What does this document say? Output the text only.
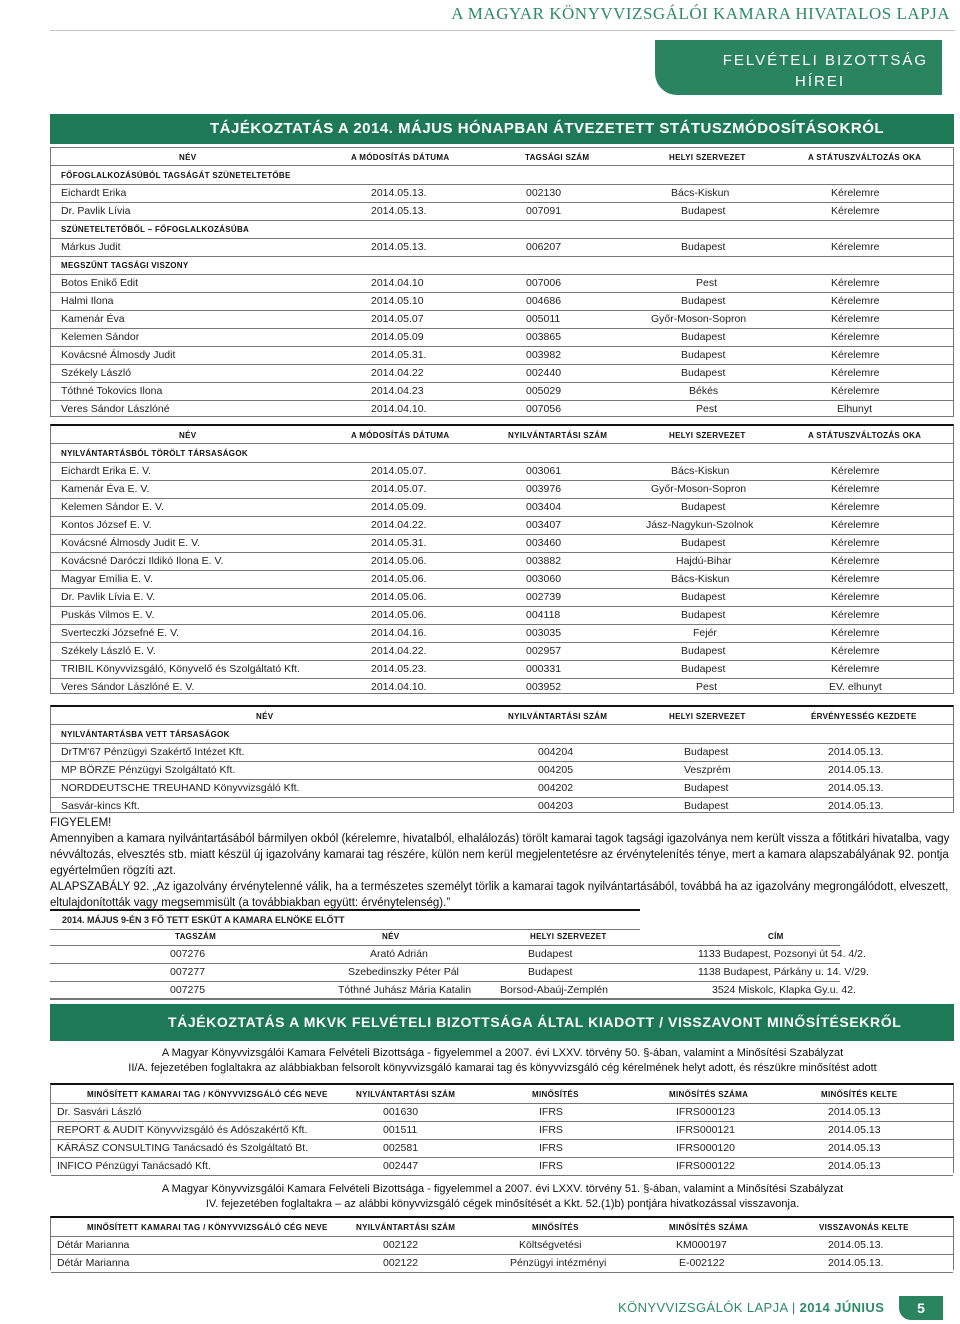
A MAGYAR KÖNYVVIZSGÁLÓI KAMARA HIVATALOS LAPJA
FELVÉTELI BIZOTTSÁG
HÍREI
TÁJÉKOZTATÁS A 2014. MÁJUS HÓNAPBAN ÁTVEZETETT STÁTUSZMÓDOSÍTÁSOKRÓL
NÉV	A MÓDOSÍTÁS DÁTUMA	TAGSÁGI SZÁM	HELYI SZERVEZET	A STÁTUSZVÁLTOZÁS OKA
FŐFOGLALKOZÁSÚBÓL TAGSÁGÁT SZÜNETELTETŐBE
Eichardt Erika	2014.05.13.	002130	Bács-Kiskun	Kérelemre
Dr. Pavlik Lívia	2014.05.13.	007091	Budapest	Kérelemre
SZÜNETELTETŐBŐL – FŐFOGLALKOZÁSÚBA
Márkus Judit	2014.05.13.	006207	Budapest	Kérelemre
MEGSZŰNT TAGSÁGI VISZONY
Botos Enikő Edit	2014.04.10	007006	Pest	Kérelemre
Halmi Ilona	2014.05.10	004686	Budapest	Kérelemre
Kamenár Éva	2014.05.07	005011	Győr-Moson-Sopron	Kérelemre
Kelemen Sándor	2014.05.09	003865	Budapest	Kérelemre
Kovácsné Álmosdy Judit	2014.05.31.	003982	Budapest	Kérelemre
Székely László	2014.04.22	002440	Budapest	Kérelemre
Tóthné Tokovics Ilona	2014.04.23	005029	Békés	Kérelemre
Veres Sándor Lászlóné	2014.04.10.	007056	Pest	Elhunyt
NÉV	A MÓDOSÍTÁS DÁTUMA	NYILVÁNTARTÁSI SZÁM	HELYI SZERVEZET	A STÁTUSZVÁLTOZÁS OKA
NYILVÁNTARTÁSBÓL TÖRÖLT TÁRSASÁGOK
Eichardt Erika E. V.	2014.05.07.	003061	Bács-Kiskun	Kérelemre
Kamenár Éva E. V.	2014.05.07.	003976	Győr-Moson-Sopron	Kérelemre
Kelemen Sándor E. V.	2014.05.09.	003404	Budapest	Kérelemre
Kontos József E. V.	2014.04.22.	003407	Jász-Nagykun-Szolnok	Kérelemre
Kovácsné Álmosdy Judit E. V.	2014.05.31.	003460	Budapest	Kérelemre
Kovácsné Daróczi Ildikó Ilona E. V.	2014.05.06.	003882	Hajdú-Bihar	Kérelemre
Magyar Emília E. V.	2014.05.06.	003060	Bács-Kiskun	Kérelemre
Dr. Pavlik Lívia E. V.	2014.05.06.	002739	Budapest	Kérelemre
Puskás Vilmos E. V.	2014.05.06.	004118	Budapest	Kérelemre
Sverteczki Józsefné E. V.	2014.04.16.	003035	Fejér	Kérelemre
Székely László E. V.	2014.04.22.	002957	Budapest	Kérelemre
TRIBIL Könyvvizsgáló, Könyvelő és Szolgáltató Kft.	2014.05.23.	000331	Budapest	Kérelemre
Veres Sándor Lászlóné E. V.	2014.04.10.	003952	Pest	EV. elhunyt
NÉV	NYILVÁNTARTÁSI SZÁM	HELYI SZERVEZET	ÉRVÉNYESSÉG KEZDETE
NYILVÁNTARTÁSBA VETT TÁRSASÁGOK
DrTM'67 Pénzügyi Szakértő Intézet Kft.	004204	Budapest	2014.05.13.
MP BÖRZE Pénzügyi Szolgáltató Kft.	004205	Veszprém	2014.05.13.
NORDDEUTSCHE TREUHAND Könyvvizsgáló Kft.	004202	Budapest	2014.05.13.
Sasvár-kincs Kft.	004203	Budapest	2014.05.13.

FIGYELEM!

Amennyiben a kamara nyilvántartásából bármilyen okból (kérelemre, hivatalból, elhalálozás) törölt kamarai tagok tagsági igazolványa nem került visszа a főtitkári hivatalba, vagy névváltozás, elvesztés stb. miatt készül új igazolvány kamarai tag részére, külön nem kerül megjelentetésre az érvénytelenítés ténye, mert a kamara alapszabályának 92. pontja egyértelműen rögzíti azt.

ALAPSZABÁLY 92. „Az igazolvány érvénytelenné válik, ha a természetes személyt törlik a kamarai tagok nyilvántartásából, továbbá ha az igazolvány megrongálódott, elveszett, eltulajdonították vagy megsemmisült (a továbbiakban együtt: érvénytelenség).”

2014. MÁJUS 9-ÉN 3 FŐ TETT ESKÜT A KAMARA ELNÖKE ELŐTT
TAGSZÁM	NÉV	HELYI SZERVEZET	CÍM
007276	Arató Adrián	Budapest	1133 Budapest, Pozsonyi út 54. 4/2.
007277	Szebedinszky Péter Pál	Budapest	1138 Budapest, Párkány u. 14. V/29.
007275	Tóthné Juhász Mária Katalin	Borsod-Abaúj-Zemplén	3524 Miskolc, Klapka Gy.u. 42.
TÁJÉKOZTATÁS A MKVK FELVÉTELI BIZOTTSÁGA ÁLTAL KIADOTT / VISSZAVONT MINŐSÍTÉSEKRŐL

A Magyar Könyvvizsgálói Kamara Felvételi Bizottsága - figyelemmel a 2007. évi LXXV. törvény 50. §-ában, valamint a Minősítési Szabályzat

II/A. fejezetében foglaltakra az alábbiakban felsorolt könyvvizsgáló kamarai tag és könyvvizsgáló cég kérelmének helyt adott, és részükre minősítést adott

MINŐSÍTETT KAMARAI TAG / KÖNYVVIZSGÁLÓ CÉG NEVE	NYILVÁNTARTÁSI SZÁM	MINŐSÍTÉS	MINŐSÍTÉS SZÁMA	MINŐSÍTÉS KELTE
Dr. Sasvári László	001630	IFRS	IFRS000123	2014.05.13
REPORT & AUDIT Könyvvizsgáló és Adószakértő Kft.	001511	IFRS	IFRS000121	2014.05.13
KÁRÁSZ CONSULTING Tanácsadó és Szolgáltató Bt.	002581	IFRS	IFRS000120	2014.05.13
INFICO Pénzügyi Tanácsadó Kft.	002447	IFRS	IFRS000122	2014.05.13

A Magyar Könyvvizsgálói Kamara Felvételi Bizottsága - figyelemmel a 2007. évi LXXV. törvény 51. §-ában, valamint a Minősítési Szabályzat

IV. fejezetében foglaltakra – az alábbi könyvvizsgáló cégek minősítését a Kkt. 52.(1)b) pontjára hivatkozással visszavonja.

MINŐSÍTETT KAMARAI TAG / KÖNYVVIZSGÁLÓ CÉG NEVE	NYILVÁNTARTÁSI SZÁM	MINŐSÍTÉS	MINŐSÍTÉS SZÁMA	VISSZAVONÁS KELTE
Détár Marianna	002122	Költségvetési	KM000197	2014.05.13.
Détár Marianna	002122	Pénzügyi intézményi	E-002122	2014.05.13.
KÖNYVVIZSGÁLÓK LAPJA | 2014 JÚNIUS	5
